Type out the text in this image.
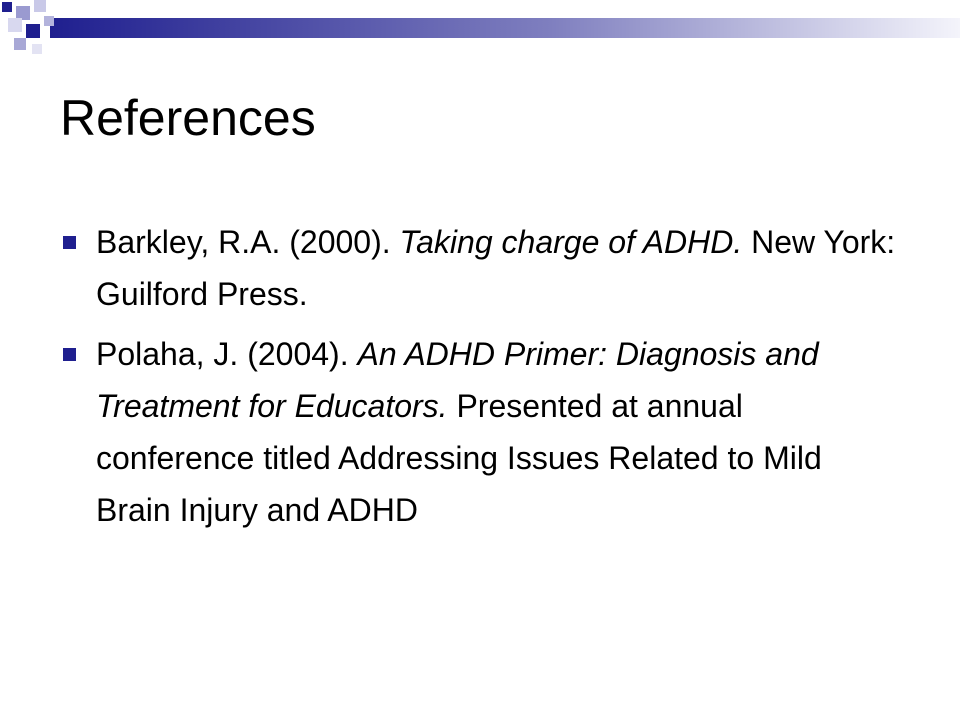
References
Barkley, R.A. (2000). Taking charge of ADHD. New York: Guilford Press.
Polaha, J. (2004). An ADHD Primer: Diagnosis and Treatment for Educators. Presented at annual conference titled Addressing Issues Related to Mild Brain Injury and ADHD
